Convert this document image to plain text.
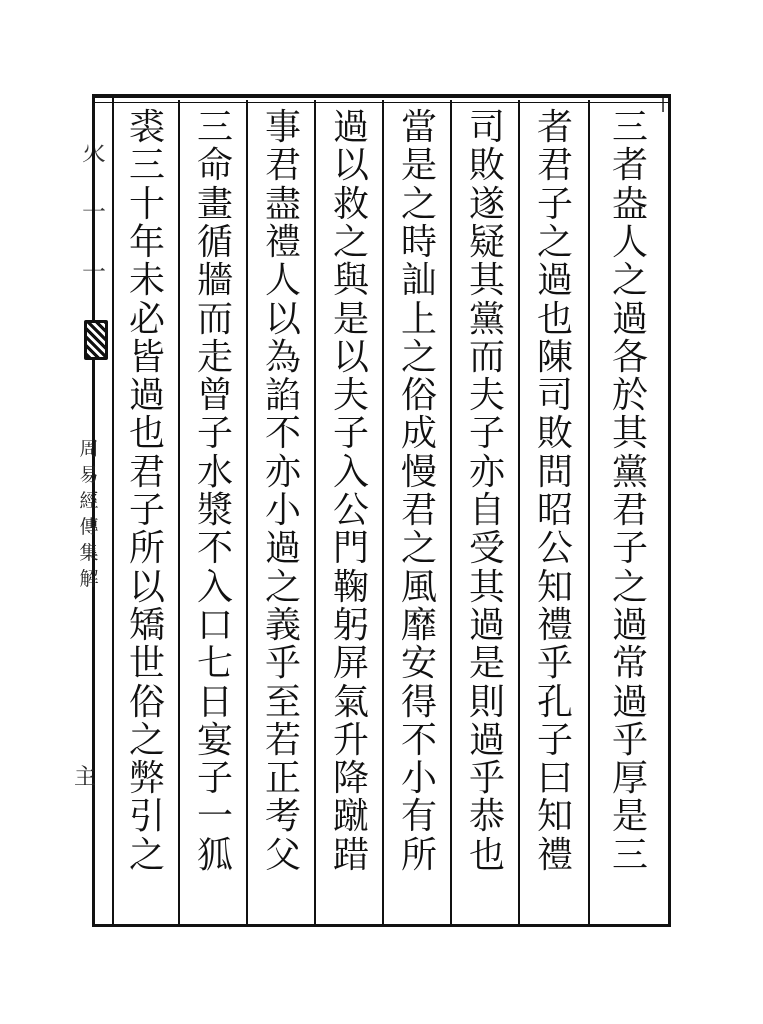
火
一
一
周
易
經
傳
集
解
主
|
三
者
盎
人
之
過
各
於
其
黨
君
子
之
過
常
過
乎
厚
是
三
者
君
子
之
過
也
陳
司
敗
問
昭
公
知
禮
乎
孔
子
曰
知
禮
司
敗
遂
疑
其
黨
而
夫
子
亦
自
受
其
過
是
則
過
乎
恭
也
當
是
之
時
訕
上
之
俗
成
慢
君
之
風
靡
安
得
不
小
有
所
過
以
救
之
與
是
以
夫
子
入
公
門
鞠
躬
屏
氣
升
降
蹴
踖
事
君
盡
禮
人
以
為
諂
不
亦
小
過
之
義
乎
至
若
正
考
父
三
命
畫
循
牆
而
走
曾
子
水
漿
不
入
口
七
日
宴
子
一
狐
裘
三
十
年
未
必
皆
過
也
君
子
所
以
矯
世
俗
之
弊
引
之
